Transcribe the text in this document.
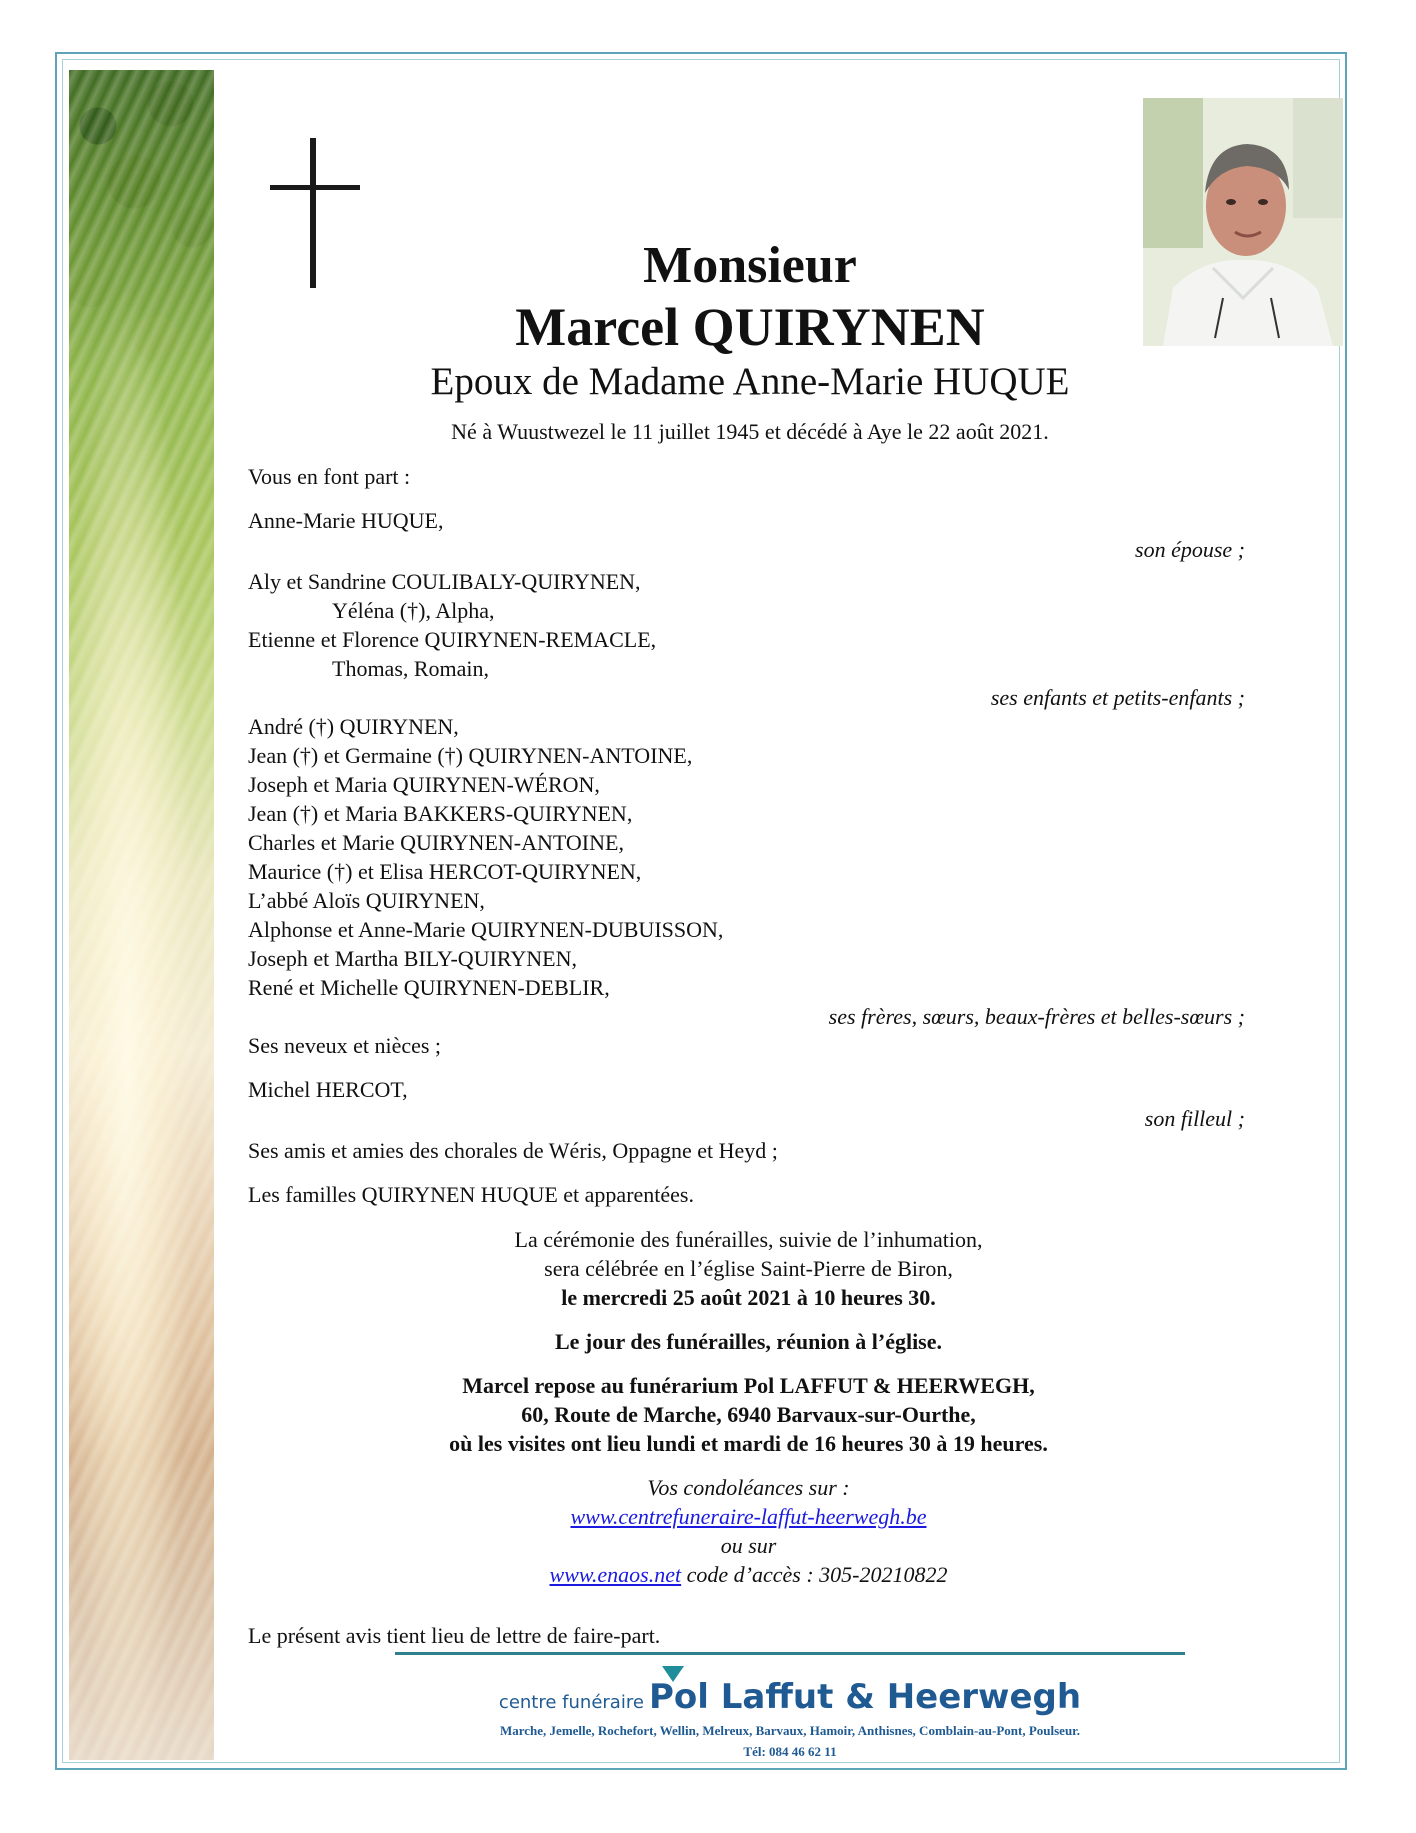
Monsieur

Marcel QUIRYNEN

Epoux de Madame Anne-Marie HUQUE

Né à Wuustwezel le 11 juillet 1945 et décédé à Aye le 22 août 2021.

Vous en font part :

Anne-Marie HUQUE,

son épouse ;

Aly et Sandrine COULIBALY-QUIRYNEN,

Yéléna (†), Alpha,

Etienne et Florence QUIRYNEN-REMACLE,

Thomas, Romain,

ses enfants et petits-enfants ;

André (†) QUIRYNEN,

Jean (†) et Germaine (†) QUIRYNEN-ANTOINE,

Joseph et Maria QUIRYNEN-WÉRON,

Jean (†) et Maria BAKKERS-QUIRYNEN,

Charles et Marie QUIRYNEN-ANTOINE,

Maurice (†) et Elisa HERCOT-QUIRYNEN,

L’abbé Aloïs QUIRYNEN,

Alphonse et Anne-Marie QUIRYNEN-DUBUISSON,

Joseph et Martha BILY-QUIRYNEN,

René et Michelle QUIRYNEN-DEBLIR,

ses frères, sœurs, beaux-frères et belles-sœurs ;

Ses neveux et nièces ;

Michel HERCOT,

son filleul ;

Ses amis et amies des chorales de Wéris, Oppagne et Heyd ;

Les familles QUIRYNEN HUQUE et apparentées.

La cérémonie des funérailles, suivie de l’inhumation,

sera célébrée en l’église Saint-Pierre de Biron,

le mercredi 25 août 2021 à 10 heures 30.

Le jour des funérailles, réunion à l’église.

Marcel repose au funérarium Pol LAFFUT & HEERWEGH,

60, Route de Marche, 6940 Barvaux-sur-Ourthe,

où les visites ont lieu lundi et mardi de 16 heures 30 à 19 heures.

Vos condoléances sur :

www.centrefuneraire-laffut-heerwegh.be

ou sur

www.enaos.net code d’accès : 305-20210822

Le présent avis tient lieu de lettre de faire-part.

centre funéraire Pol Laffut & Heerwegh

Marche, Jemelle, Rochefort, Wellin, Melreux, Barvaux, Hamoir, Anthisnes, Comblain-au-Pont, Poulseur.

Tél: 084 46 62 11
